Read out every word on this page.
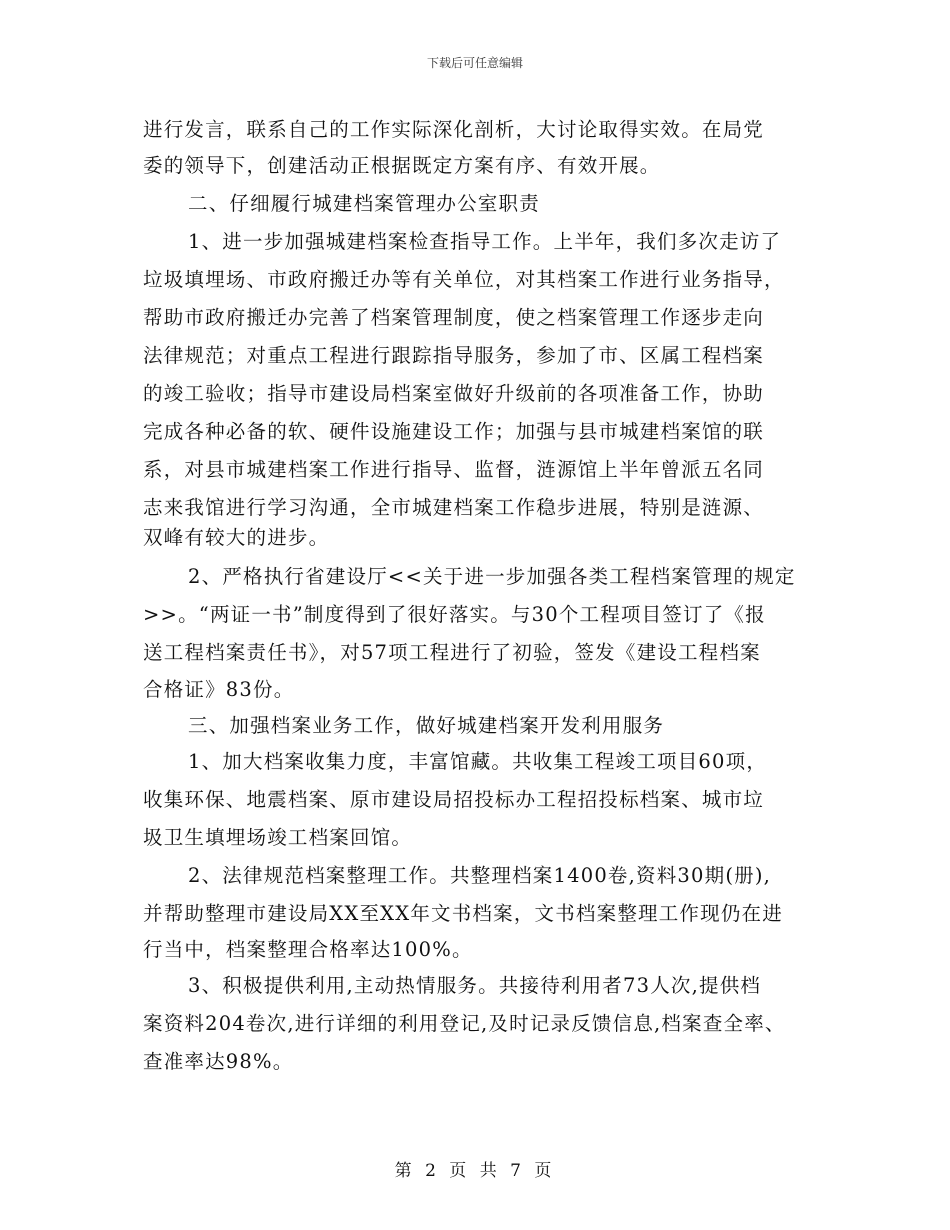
下载后可任意编辑
进行发言，联系自己的工作实际深化剖析，大讨论取得实效。在局党
委的领导下，创建活动正根据既定方案有序、有效开展。
二、仔细履行城建档案管理办公室职责
1、进一步加强城建档案检查指导工作。上半年，我们多次走访了
垃圾填埋场、市政府搬迁办等有关单位，对其档案工作进行业务指导，
帮助市政府搬迁办完善了档案管理制度，使之档案管理工作逐步走向
法律规范；对重点工程进行跟踪指导服务，参加了市、区属工程档案
的竣工验收；指导市建设局档案室做好升级前的各项准备工作，协助
完成各种必备的软、硬件设施建设工作；加强与县市城建档案馆的联
系，对县市城建档案工作进行指导、监督，涟源馆上半年曾派五名同
志来我馆进行学习沟通，全市城建档案工作稳步进展，特别是涟源、
双峰有较大的进步。
2、严格执行省建设厅<<关于进一步加强各类工程档案管理的规定
>>。“两证一书”制度得到了很好落实。与30个工程项目签订了《报
送工程档案责任书》，对57项工程进行了初验，签发《建设工程档案
合格证》83份。
三、加强档案业务工作，做好城建档案开发利用服务
1、加大档案收集力度，丰富馆藏。共收集工程竣工项目60项，
收集环保、地震档案、原市建设局招投标办工程招投标档案、城市垃
圾卫生填埋场竣工档案回馆。
2、法律规范档案整理工作。共整理档案1400卷,资料30期(册),
并帮助整理市建设局XX至XX年文书档案，文书档案整理工作现仍在进
行当中，档案整理合格率达100%。
3、积极提供利用,主动热情服务。共接待利用者73人次,提供档
案资料204卷次,进行详细的利用登记,及时记录反馈信息,档案查全率、
查准率达98%。
第 2 页 共 7 页
